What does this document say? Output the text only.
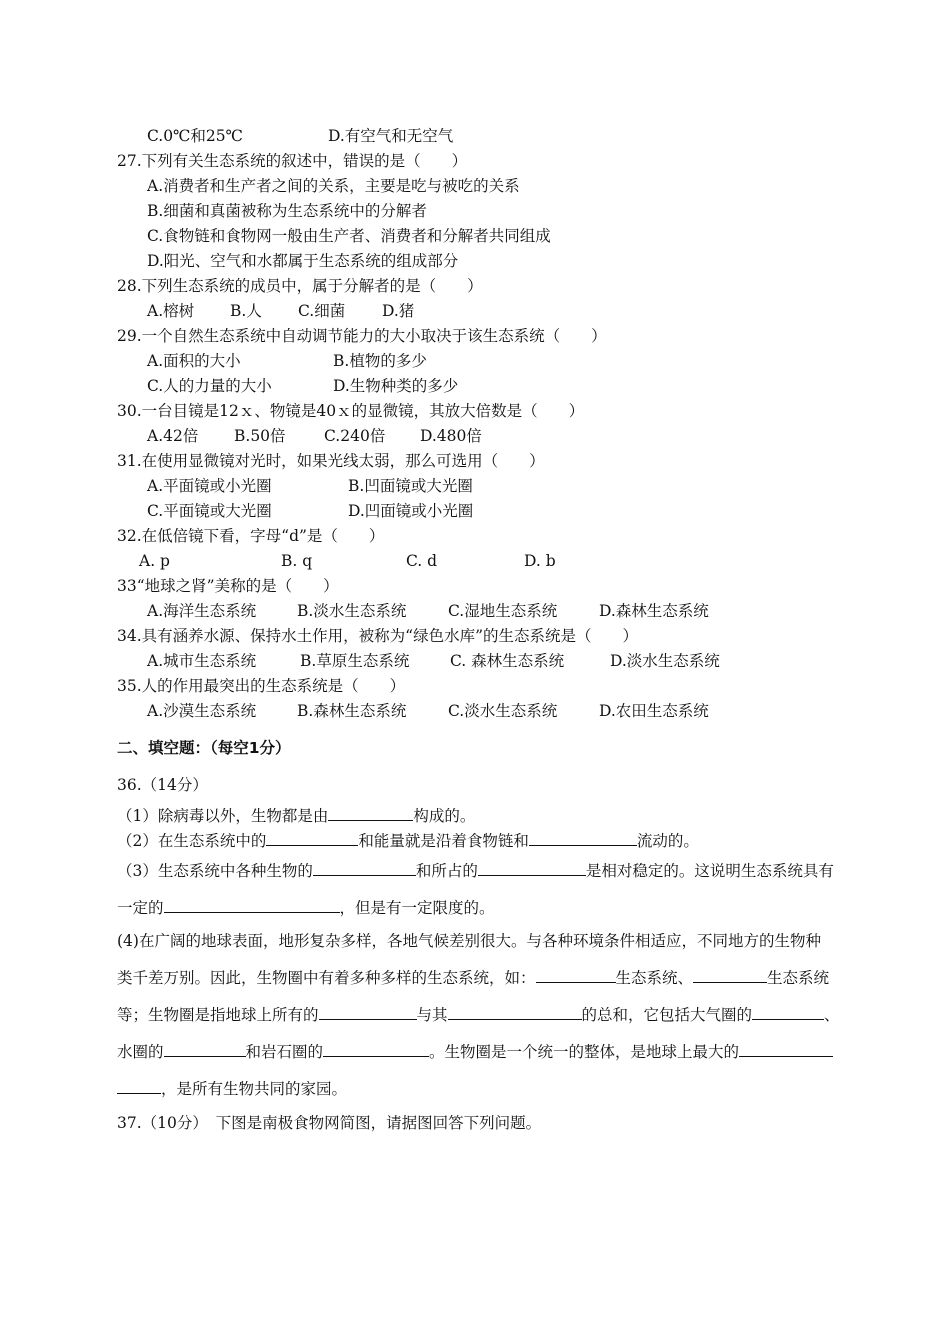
C.0℃和25℃	D.有空气和无空气
27.下列有关生态系统的叙述中，错误的是（　　）
A.消费者和生产者之间的关系，主要是吃与被吃的关系
B.细菌和真菌被称为生态系统中的分解者
C.食物链和食物网一般由生产者、消费者和分解者共同组成
D.阳光、空气和水都属于生态系统的组成部分
28.下列生态系统的成员中，属于分解者的是（　　）
A.榕树 B.人 C.细菌 D.猪
29.一个自然生态系统中自动调节能力的大小取决于该生态系统（　　）
A.面积的大小	B.植物的多少
C.人的力量的大小	D.生物种类的多少
30.一台目镜是12ｘ、物镜是40ｘ的显微镜，其放大倍数是（　　）
A.42倍 B.50倍 C.240倍 D.480倍
31.在使用显微镜对光时，如果光线太弱，那么可选用（　　）
A.平面镜或小光圈	B.凹面镜或大光圈
C.平面镜或大光圈	D.凹面镜或小光圈
32.在低倍镜下看，字母“d”是（　　）
A. p	B. q	C. d	D. b
33“地球之肾”美称的是（　　）
A.海洋生态系统	B.淡水生态系统	C.湿地生态系统	D.森林生态系统
34.具有涵养水源、保持水土作用，被称为“绿色水库”的生态系统是（　　）
A.城市生态系统	B.草原生态系统	C. 森林生态系统	D.淡水生态系统
35.人的作用最突出的生态系统是（　　）
A.沙漠生态系统	B.森林生态系统	C.淡水生态系统	D.农田生态系统
二、填空题：（每空1分）
36.（14分）
（1）除病毒以外，生物都是由	构成的。
（2）在生态系统中的	和能量就是沿着食物链和	流动的。
（3）生态系统中各种生物的	和所占的	是相对稳定的。这说明生态系统具有
一定的	，但是有一定限度的。
(4)在广阔的地球表面，地形复杂多样，各地气候差别很大。与各种环境条件相适应，不同地方的生物种
类千差万别。因此，生物圈中有着多种多样的生态系统，如：	生态系统、	生态系统
等；生物圈是指地球上所有的	与其	的总和，它包括大气圈的	、
水圈的	和岩石圈的	。生物圈是一个统一的整体，是地球上最大的
，是所有生物共同的家园。
37.（10分）　下图是南极食物网简图，请据图回答下列问题。
